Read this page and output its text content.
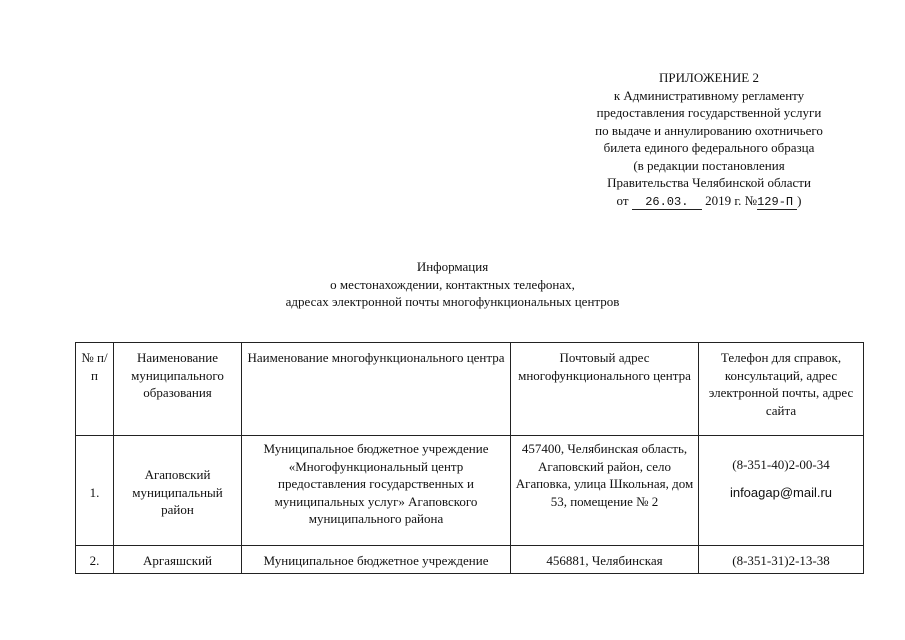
ПРИЛОЖЕНИЕ 2
к Административному регламенту
предоставления государственной услуги
по выдаче и аннулированию охотничьего
билета единого федерального образца
(в редакции постановления
Правительства Челябинской области
от 26.03. 2019 г. №129-П )
Информация
о местонахождении, контактных телефонах,
адресах электронной почты многофункциональных центров
№ п/п	Наименование муниципального образования	Наименование многофункционального центра	Почтовый адрес многофункционального центра	Телефон для справок, консультаций, адрес электронной почты, адрес сайта
1.	Агаповский муниципальный район	Муниципальное бюджетное учреждение «Многофункциональный центр предоставления государственных и муниципальных услуг» Агаповского муниципального района	457400, Челябинская область, Агаповский район, село Агаповка, улица Школьная, дом 53, помещение № 2	(8-351-40)2-00-34
infoagap@mail.ru

2.	Аргаяшский	Муниципальное бюджетное учреждение	456881, Челябинская	(8-351-31)2-13-38
